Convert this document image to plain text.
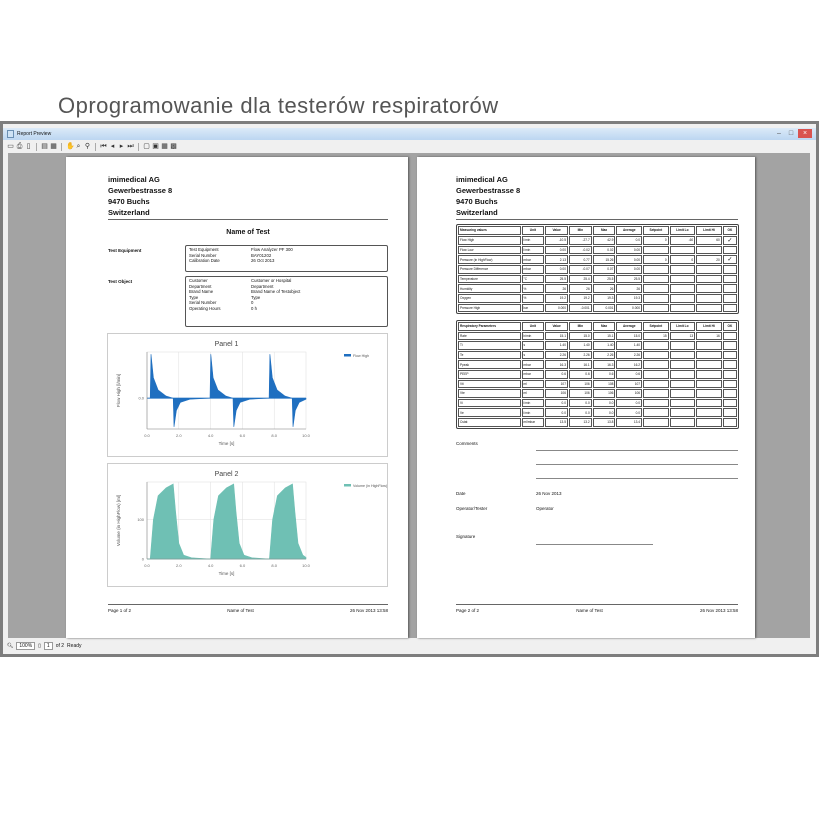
Oprogramowanie dla testerów respiratorów
Report Preview	–	□	×
▭ ⎙ ▯ ▤ ▦ ✋ ⌕ ⚲ ⏮ ◂ ▸ ⏭ ▢ ▣ ▦ ▩
imimedical AG
Gewerbestrasse 8
9470 Buchs
Switzerland
Name of Test
Test Equipment	Test Equipment	Flow Analyzer PF 300
Serial Number	BAY01202
Calibration Date	26 Oct 2013
Test Object	Customer	Customer or Hospital
Department	Department
Brand Name	Brand Name of Testobject
Type	Type
Serial Number	0
Operating Hours	0 h
Panel 1
0.0	2.0	4.0	6.0	8.0	10.0
0.0
Time [s]
Flow High [l/min]
Flow High
Panel 2
0.0	2.0	4.0	6.0	8.0	10.0
0
100
Time [s]
Volume (in HighFlow) [ml]
Volume (in HighFlow)
Page 1 of 2	Name of Test	26 Nov 2013 13:58
imimedical AG
Gewerbestrasse 8
9470 Buchs
Switzerland
Measuring values	Unit	Value	Min	Max	Average	Setpoint	Limit Lo	Limit Hi	OK
Flow High	l/min	-10.5	-27.7	42.9	0.0	0	-60	60	✓
Flow Low	l/min	0.00	-0.02	0.02	0.00				
Pressure (in HighFlow)	mbar	2.13	0.77	15.26	0.00	0	0	20	✓
Pressure Difference	mbar	0.00	-0.07	0.07	0.00				
Temperature	°C	25.5	25.4	25.5	25.5				
Humidity	%	26	26	26	26				
Oxygen	%	19.2	19.2	19.3	19.3				
Pressure High	bar	0.000	-0.001	0.001	0.000				
Respiratory Parameters	Unit	Value	Min	Max	Average	Setpoint	Limit Lo	Limit Hi	OK
Rate	b/min	15.1	15.0	15.1	15.0	15	13	16	
Ti	s	1.40	1.40	1.40	1.40				
Te	s	2.26	2.26	2.26	2.26				
Ppeak	mbar	16.3	16.1	16.3	16.2				
PEEP	mbar	0.6	0.6	0.6	0.6				
Vti	ml	107	106	108	107				
Vte	ml	106	106	106	106				
Vi	l/min	0.0	0.0	0.0	0.0				
Ve	l/min	0.0	0.0	0.0	0.0				
Cstat	ml/mbar	13.5	13.2	13.8	13.4				
Comments
Date	26 Nov 2013
Operator/Tester	Operator
Signature
Page 2 of 2	Name of Test	26 Nov 2013 13:58
🔍︎	100%	▯	1	of 2 Ready
